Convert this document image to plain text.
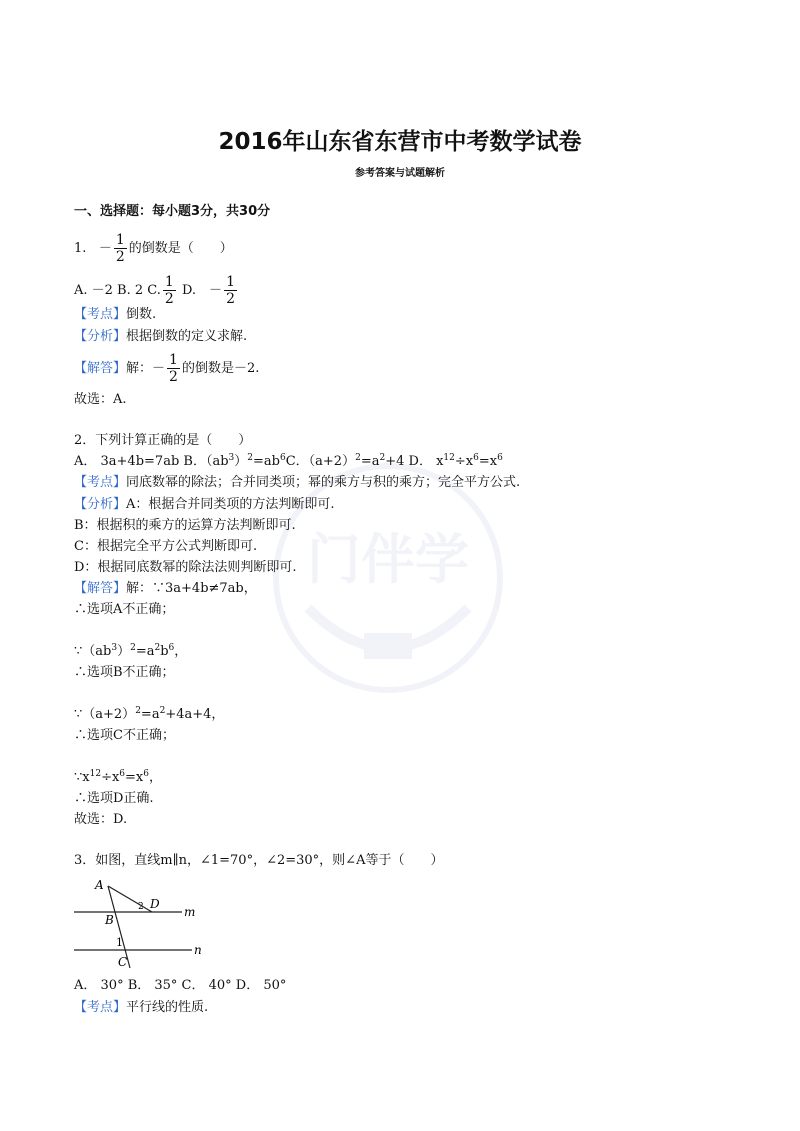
门伴学
2016年山东省东营市中考数学试卷
参考答案与试题解析
一、选择题：每小题3分，共30分
1. － $\frac{1}{2}$ 的倒数是（　　）
A. －2 B. 2 C. $\frac{1}{2} D$.　－ $\frac{1}{2}$
【考点】倒数.
【分析】根据倒数的定义求解.
【解答】解：－ $\frac{1}{2}$ 的倒数是－2.
故选：A.
2．下列计算正确的是（　　）
A． 3a+4b=7ab B．$(ab^3)^2=ab^6C$．$(a+2)^2=a^2+4$ D． $x^{12}\div x^6=x^6$
【考点】同底数幂的除法；合并同类项；幂的乘方与积的乘方；完全平方公式.
【分析】A：根据合并同类项的方法判断即可.
B：根据积的乘方的运算方法判断即可.
C：根据完全平方公式判断即可.
D：根据同底数幂的除法法则判断即可.
【解答】解：∵3a+4b≠7ab，
∴选项A不正确；
$\because(ab^3)^2=a^2b^6$，
∴选项B不正确；
$\because(a+2)^2=a^2+4a+4$，
∴选项C不正确；
$\because x^{12}\div x^6=x^6$，
∴选项D正确.
故选：D.
3．如图，直线m∥n，∠1=70°，∠2=30°，则∠A等于（　　）
A
D
m
B
1
2
n
C
A． 30° B． 35° C． 40° D． 50°
【考点】平行线的性质.
